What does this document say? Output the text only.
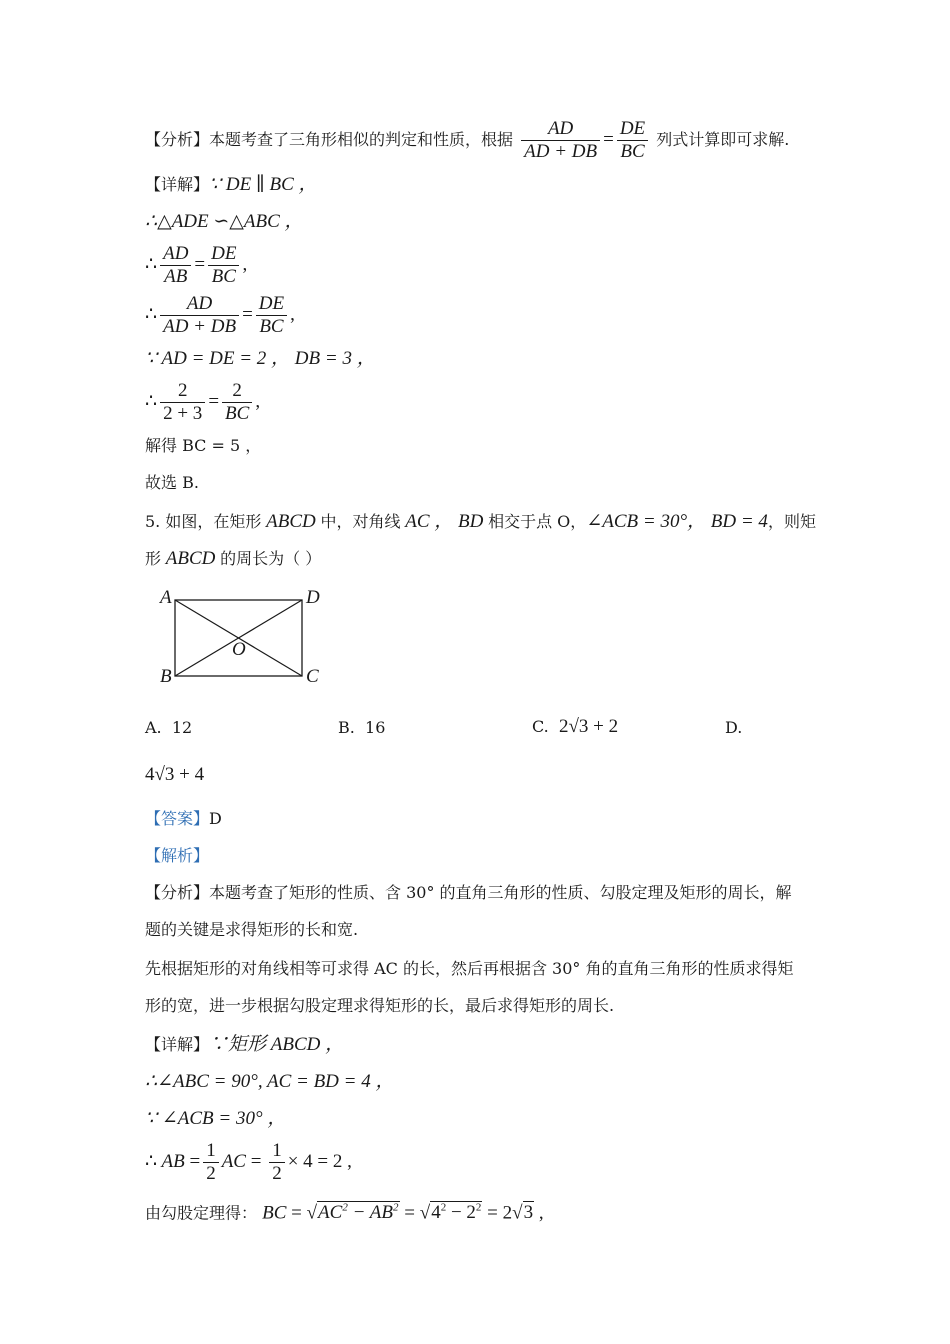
【分析】本题考查了三角形相似的判定和性质，根据 $\frac{AD}{AD + DB} = \frac{DE}{BC}$ 列式计算即可求解.
【详解】∵ DE ∥ BC ，
∴△ADE ∽△ABC ，
∴ $\frac{AD}{AB} = \frac{DE}{BC}$ ,
∴ $\frac{AD}{AD + DB} = \frac{DE}{BC}$ ,
∵ AD = DE = 2 ， DB = 3 ，
∴ $\frac{2}{2 + 3} = \frac{2}{BC}$ ,
解得 BC = 5 ，
故选 B.
5. 如图，在矩形 ABCD 中，对角线 AC ， BD 相交于点 O，∠ACB = 30°， BD = 4，则矩
形 ABCD 的周长为（ ）
A	D
O
B	C
A. 12	B. 16	C. 2√3 + 2	D.
4√3 + 4
【答案】D
【解析】
【分析】本题考查了矩形的性质、含 30° 的直角三角形的性质、勾股定理及矩形的周长，解
题的关键是求得矩形的长和宽.
先根据矩形的对角线相等可求得 AC 的长，然后再根据含 30° 角的直角三角形的性质求得矩
形的宽，进一步根据勾股定理求得矩形的长，最后求得矩形的周长.
【详解】∵矩形 ABCD ，
∴∠ABC = 90°, AC = BD = 4 ，
∵ ∠ACB = 30° ，
∴ AB = $\frac{1}{2}$ AC = $\frac{1}{2} \times 4 = 2$ ,
由勾股定理得： BC = $√AC^2 - AB^2 = √4^2 - 2^2 = 2√3$ ,
